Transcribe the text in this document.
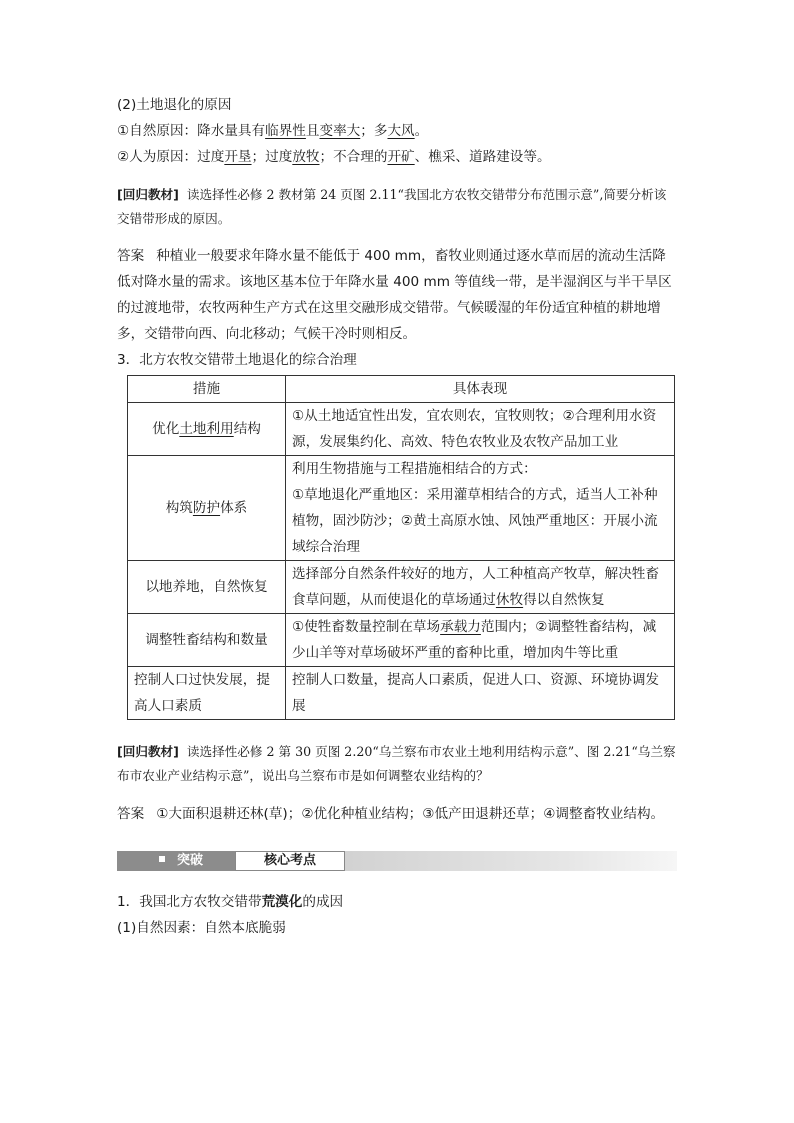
(2)土地退化的原因

①自然原因：降水量具有临界性且变率大；多大风。

②人为原因：过度开垦；过度放牧；不合理的开矿、樵采、道路建设等。

[回归教材] 读选择性必修 2 教材第 24 页图 2.11“我国北方农牧交错带分布范围示意”,简要分析该交错带形成的原因。

答案 种植业一般要求年降水量不能低于 400 mm，畜牧业则通过逐水草而居的流动生活降低对降水量的需求。该地区基本位于年降水量 400 mm 等值线一带，是半湿润区与半干旱区的过渡地带，农牧两种生产方式在这里交融形成交错带。气候暖湿的年份适宜种植的耕地增多，交错带向西、向北移动；气候干冷时则相反。

3．北方农牧交错带土地退化的综合治理

措施	具体表现
优化土地利用结构	①从土地适宜性出发，宜农则农，宜牧则牧；②合理利用水资源，发展集约化、高效、特色农牧业及农牧产品加工业
构筑防护体系	利用生物措施与工程措施相结合的方式：
①草地退化严重地区：采用灌草相结合的方式，适当人工补种植物，固沙防沙；②黄土高原水蚀、风蚀严重地区：开展小流域综合治理
以地养地，自然恢复	选择部分自然条件较好的地方，人工种植高产牧草，解决牲畜食草问题，从而使退化的草场通过休牧得以自然恢复
调整牲畜结构和数量	①使牲畜数量控制在草场承载力范围内；②调整牲畜结构，减少山羊等对草场破坏严重的畜种比重，增加肉牛等比重
控制人口过快发展，提高人口素质	控制人口数量，提高人口素质，促进人口、资源、环境协调发展

[回归教材] 读选择性必修 2 第 30 页图 2.20“乌兰察布市农业土地利用结构示意”、图 2.21“乌兰察布市农业产业结构示意”，说出乌兰察布市是如何调整农业结构的？

答案 ①大面积退耕还林(草)；②优化种植业结构；③低产田退耕还草；④调整畜牧业结构。

突破	核心考点

1．我国北方农牧交错带荒漠化的成因

(1)自然因素：自然本底脆弱
